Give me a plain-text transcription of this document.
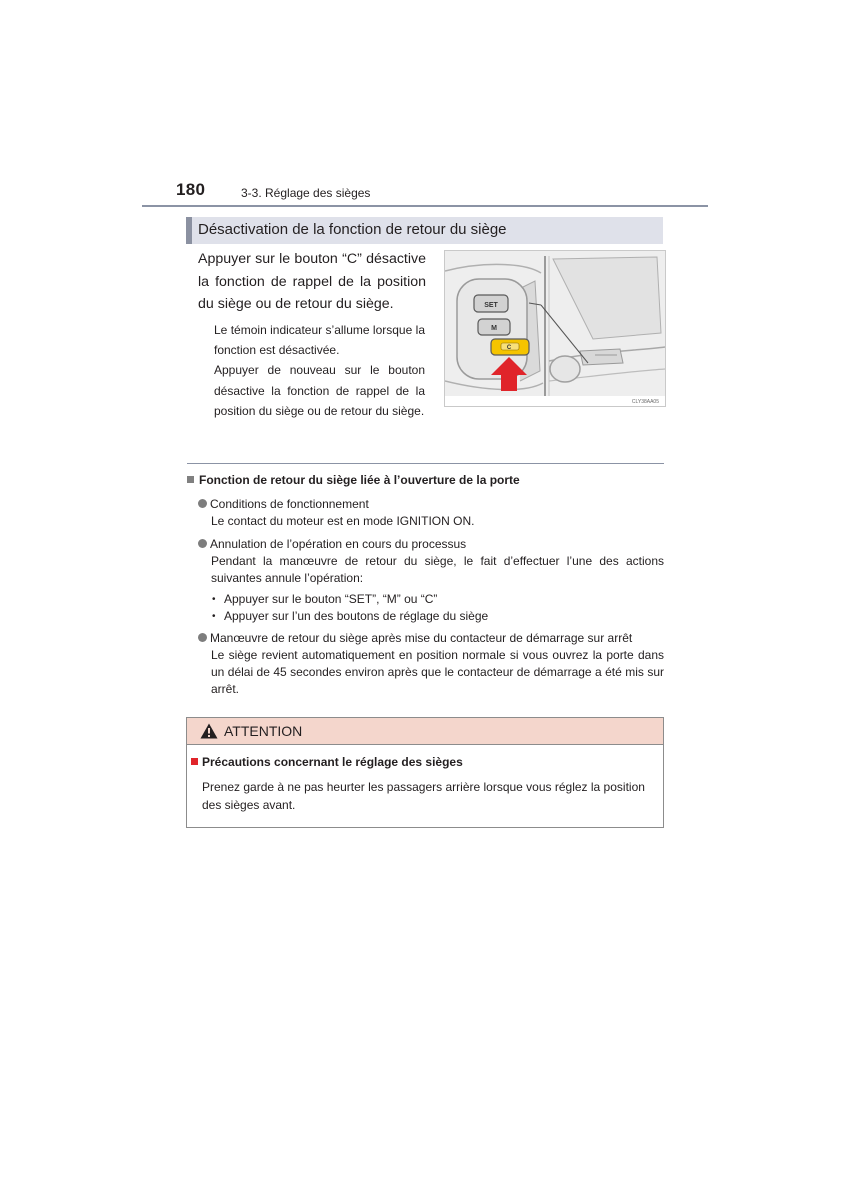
180	3-3. Réglage des sièges
Désactivation de la fonction de retour du siège
Appuyer sur le bouton “C” désactive la fonction de rappel de la position du siège ou de retour du siège.

Le témoin indicateur s’allume lorsque la fonction est désactivée.

Appuyer de nouveau sur le bouton désactive la fonction de rappel de la position du siège ou de retour du siège.

SET
M
C
CLY38AA05
Fonction de retour du siège liée à l’ouverture de la porte
Conditions de fonctionnement
Le contact du moteur est en mode IGNITION ON.
Annulation de l’opération en cours du processus
Pendant la manœuvre de retour du siège, le fait d’effectuer l’une des actions suivantes annule l’opération:
• Appuyer sur le bouton “SET”, “M” ou “C”
• Appuyer sur l’un des boutons de réglage du siège
Manœuvre de retour du siège après mise du contacteur de démarrage sur arrêt
Le siège revient automatiquement en position normale si vous ouvrez la porte dans un délai de 45 secondes environ après que le contacteur de démarrage a été mis sur arrêt.
ATTENTION
Précautions concernant le réglage des sièges
Prenez garde à ne pas heurter les passagers arrière lorsque vous réglez la position des sièges avant.
